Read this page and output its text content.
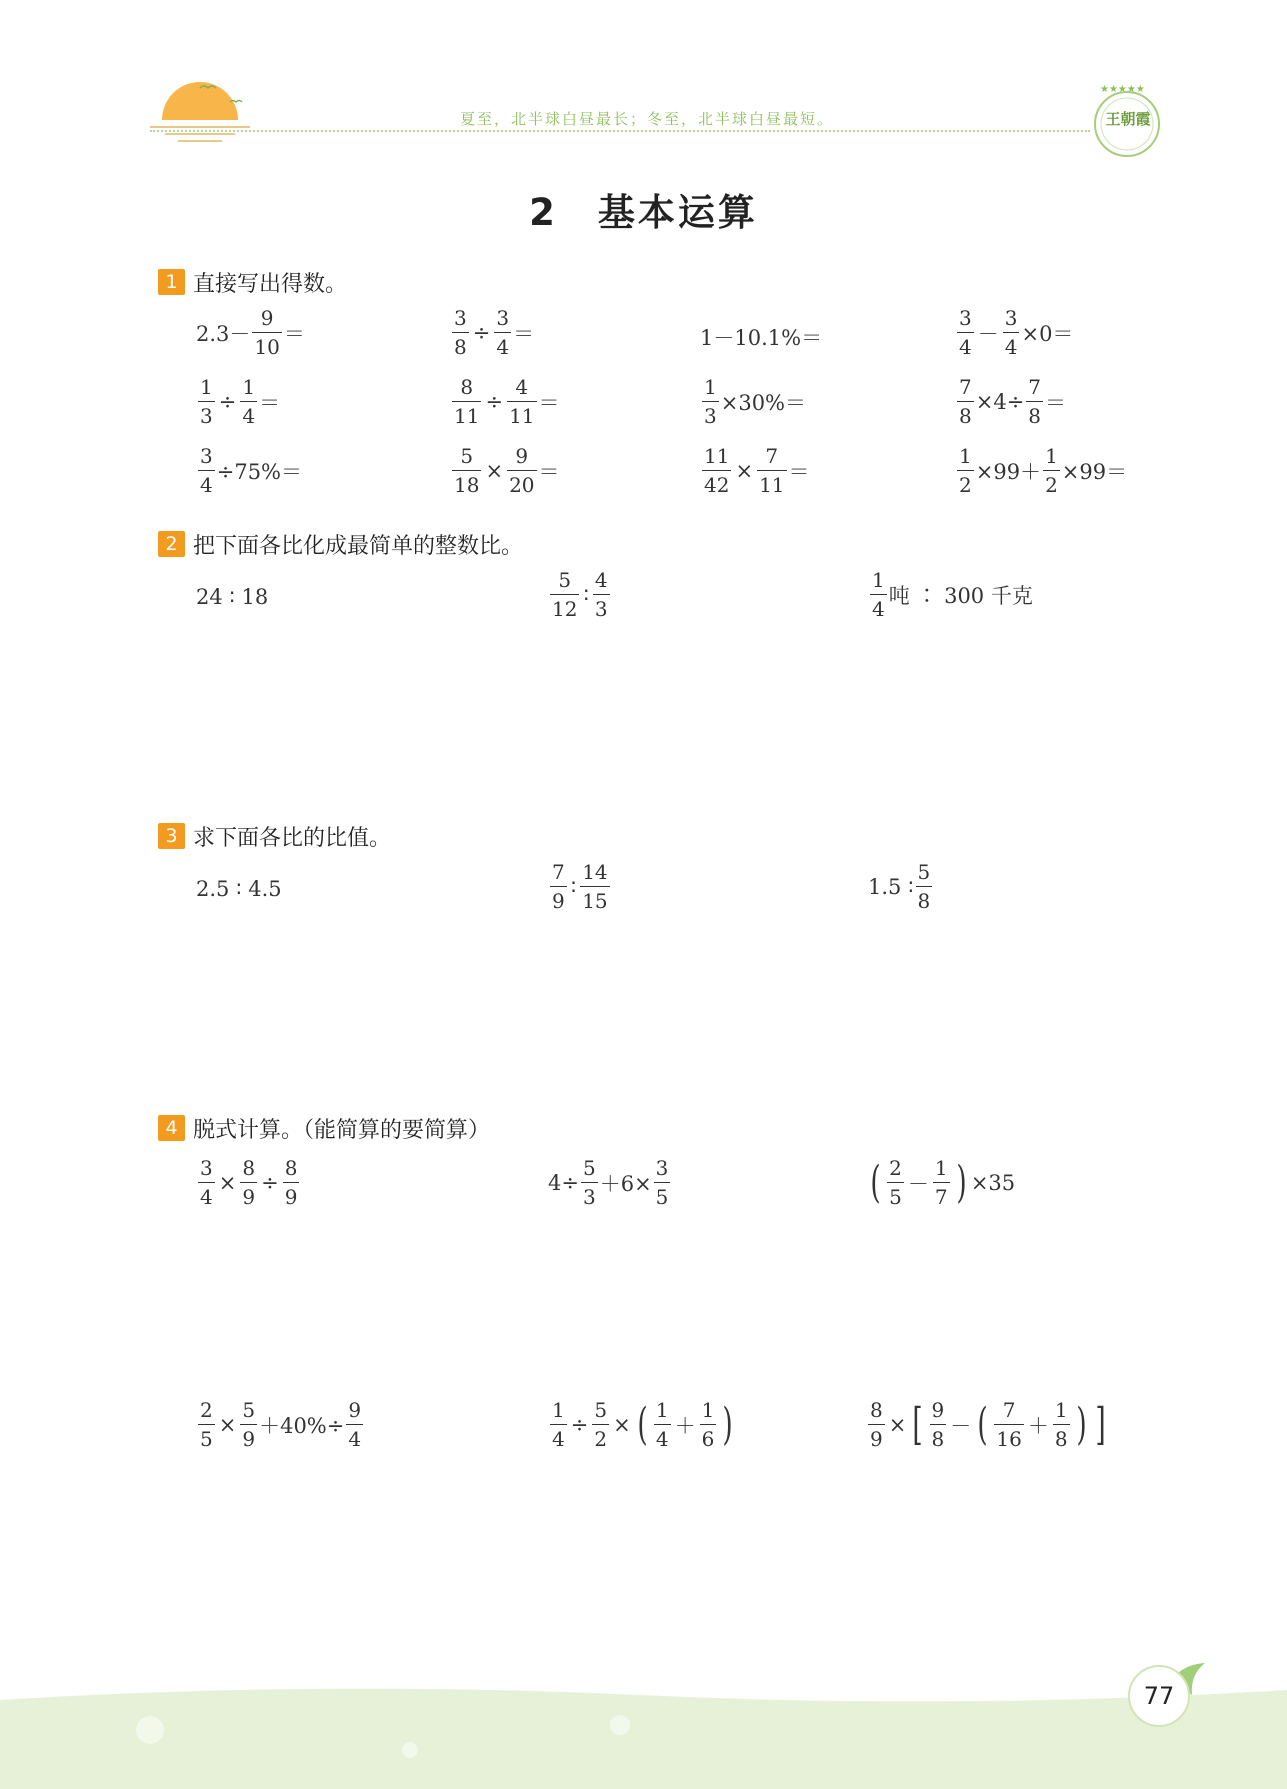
夏至，北半球白昼最长；冬至，北半球白昼最短。
★★★★★
王朝霞
2　基本运算
1 直接写出得数。
$2.3- \frac{9}{10}$ ＝	$\frac{3}{8} \div \frac{3}{4}$ ＝	1－10.1%＝	$\frac{3}{4} - \frac{3}{4} \times 0=$
$\frac{1}{3} \div \frac{1}{4}$ ＝	$\frac{8}{11} \div \frac{4}{11}$ ＝	$\frac{1}{3} \times 30\%=$	$\frac{7}{8} \times 4\div \frac{7}{8}$ ＝
$\frac{3}{4} \div 75\%=$	$\frac{5}{18} \times \frac{9}{20}$ ＝	$\frac{11}{42} \times \frac{7}{11}$ ＝	$\frac{1}{2} \times 99+ \frac{1}{2} \times 99=$
2 把下面各比化成最简单的整数比。
24 ∶ 18	$\frac{5}{12}$ ∶ $\frac{4}{3}$	$\frac{1}{4}$ 吨 ∶ 300 千克
3 求下面各比的比值。
2.5 ∶ 4.5	$\frac{7}{9}$ ∶ $\frac{14}{15}$	1.5 ∶ $\frac{5}{8}$
4 脱式计算。（能简算的要简算）
$\frac{3}{4} \times \frac{8}{9} \div \frac{8}{9}$	$4\div \frac{5}{3} +6\times \frac{3}{5}$	( $\frac{2}{5} - \frac{1}{7}$ ) ×35
$\frac{2}{5} \times \frac{5}{9} +40\%\div \frac{9}{4}$	$\frac{1}{4} \div \frac{5}{2}$ × ( $\frac{1}{4} + \frac{1}{6}$ )	$\frac{8}{9}$ × [ $\frac{9}{8}$ － ( $\frac{7}{16} + \frac{1}{8}$ ) ]
77
